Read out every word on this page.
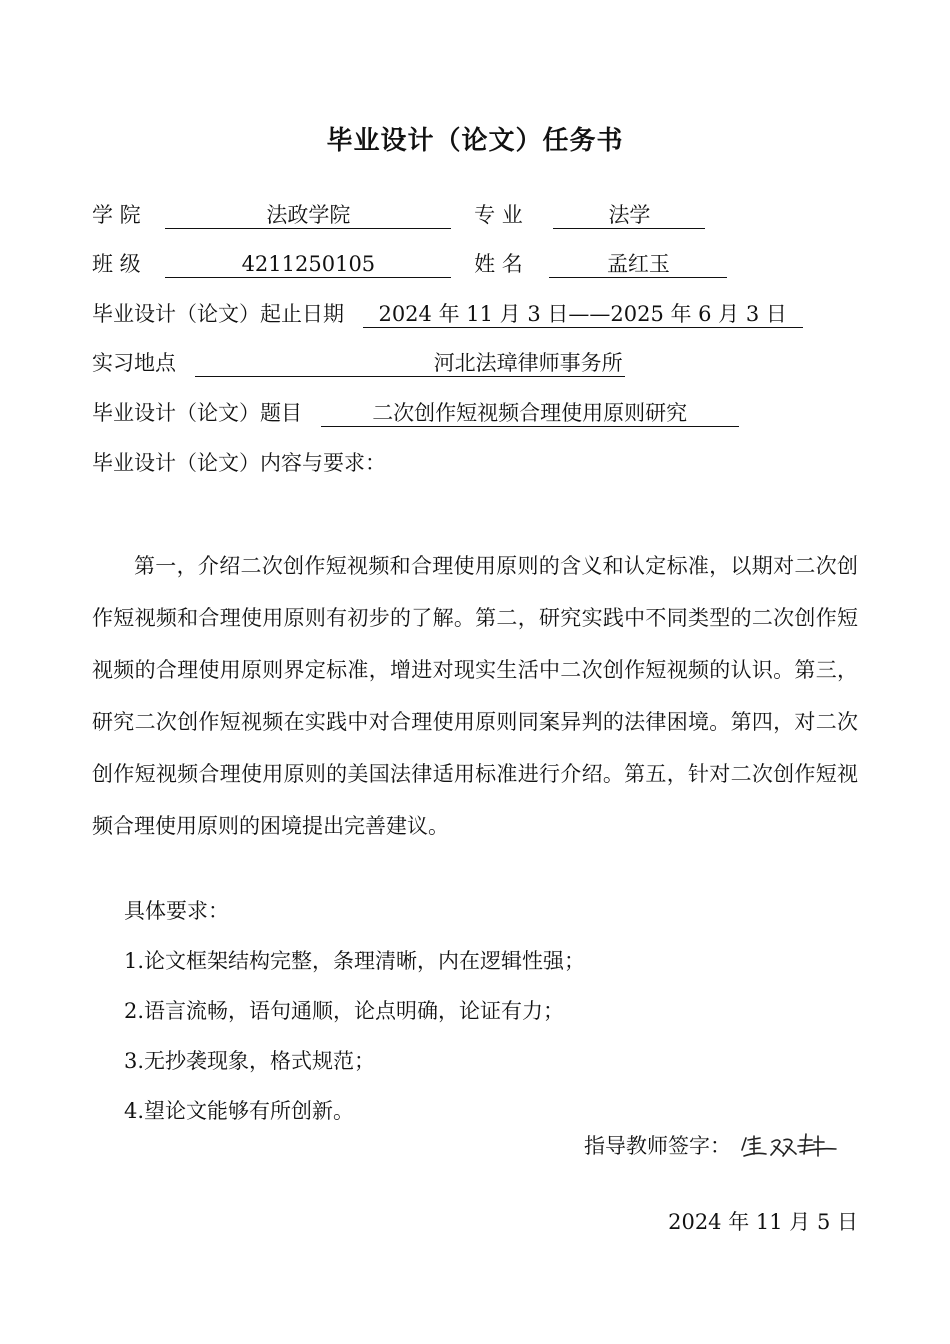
毕业设计（论文）任务书
学 院	法政学院	专 业	法学
班 级	4211250105	姓 名	孟红玉
毕业设计（论文）起止日期 2024 年 11 月 3 日——2025 年 6 月 3 日
实习地点	河北法璋律师事务所
毕业设计（论文）题目	二次创作短视频合理使用原则研究
毕业设计（论文）内容与要求：
第一，介绍二次创作短视频和合理使用原则的含义和认定标准，以期对二次创作短视频和合理使用原则有初步的了解。第二，研究实践中不同类型的二次创作短视频的合理使用原则界定标准，增进对现实生活中二次创作短视频的认识。第三，研究二次创作短视频在实践中对合理使用原则同案异判的法律困境。第四，对二次创作短视频合理使用原则的美国法律适用标准进行介绍。第五，针对二次创作短视频合理使用原则的困境提出完善建议。
具体要求：
1.论文框架结构完整，条理清晰，内在逻辑性强；
2.语言流畅，语句通顺，论点明确，论证有力；
3.无抄袭现象，格式规范；
4.望论文能够有所创新。
指导教师签字：
2024 年 11 月 5 日
